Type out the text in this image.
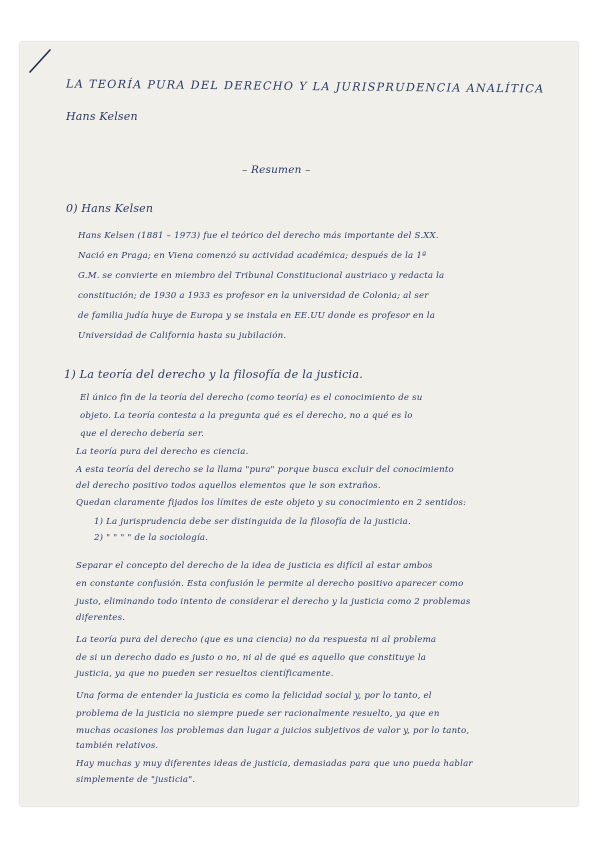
LA TEORÍA PURA DEL DERECHO Y LA JURISPRUDENCIA ANALÍTICA
Hans Kelsen
– Resumen –
0) Hans Kelsen
Hans Kelsen (1881 – 1973) fue el teórico del derecho más importante del S.XX.
Nació en Praga; en Viena comenzó su actividad académica; después de la 1ª
G.M. se convierte en miembro del Tribunal Constitucional austriaco y redacta la
constitución; de 1930 a 1933 es profesor en la universidad de Colonia; al ser
de familia judía huye de Europa y se instala en EE.UU donde es profesor en la
Universidad de California hasta su jubilación.
1) La teoría del derecho y la filosofía de la justicia.
El único fin de la teoría del derecho (como teoría) es el conocimiento de su
objeto. La teoría contesta a la pregunta qué es el derecho, no a qué es lo
que el derecho debería ser.
La teoría pura del derecho es ciencia.
A esta teoría del derecho se la llama "pura" porque busca excluir del conocimiento
del derecho positivo todos aquellos elementos que le son extraños.
Quedan claramente fijados los límites de este objeto y su conocimiento en 2 sentidos:
1) La jurisprudencia debe ser distinguida de la filosofía de la justicia.
2) " " " " de la sociología.
Separar el concepto del derecho de la idea de justicia es difícil al estar ambos
en constante confusión. Esta confusión le permite al derecho positivo aparecer como
justo, eliminando todo intento de considerar el derecho y la justicia como 2 problemas
diferentes.
La teoría pura del derecho (que es una ciencia) no da respuesta ni al problema
de si un derecho dado es justo o no, ni al de qué es aquello que constituye la
justicia, ya que no pueden ser resueltos científicamente.
Una forma de entender la justicia es como la felicidad social y, por lo tanto, el
problema de la justicia no siempre puede ser racionalmente resuelto, ya que en
muchas ocasiones los problemas dan lugar a juicios subjetivos de valor y, por lo tanto,
también relativos.
Hay muchas y muy diferentes ideas de justicia, demasiadas para que uno pueda hablar
simplemente de "justicia".
